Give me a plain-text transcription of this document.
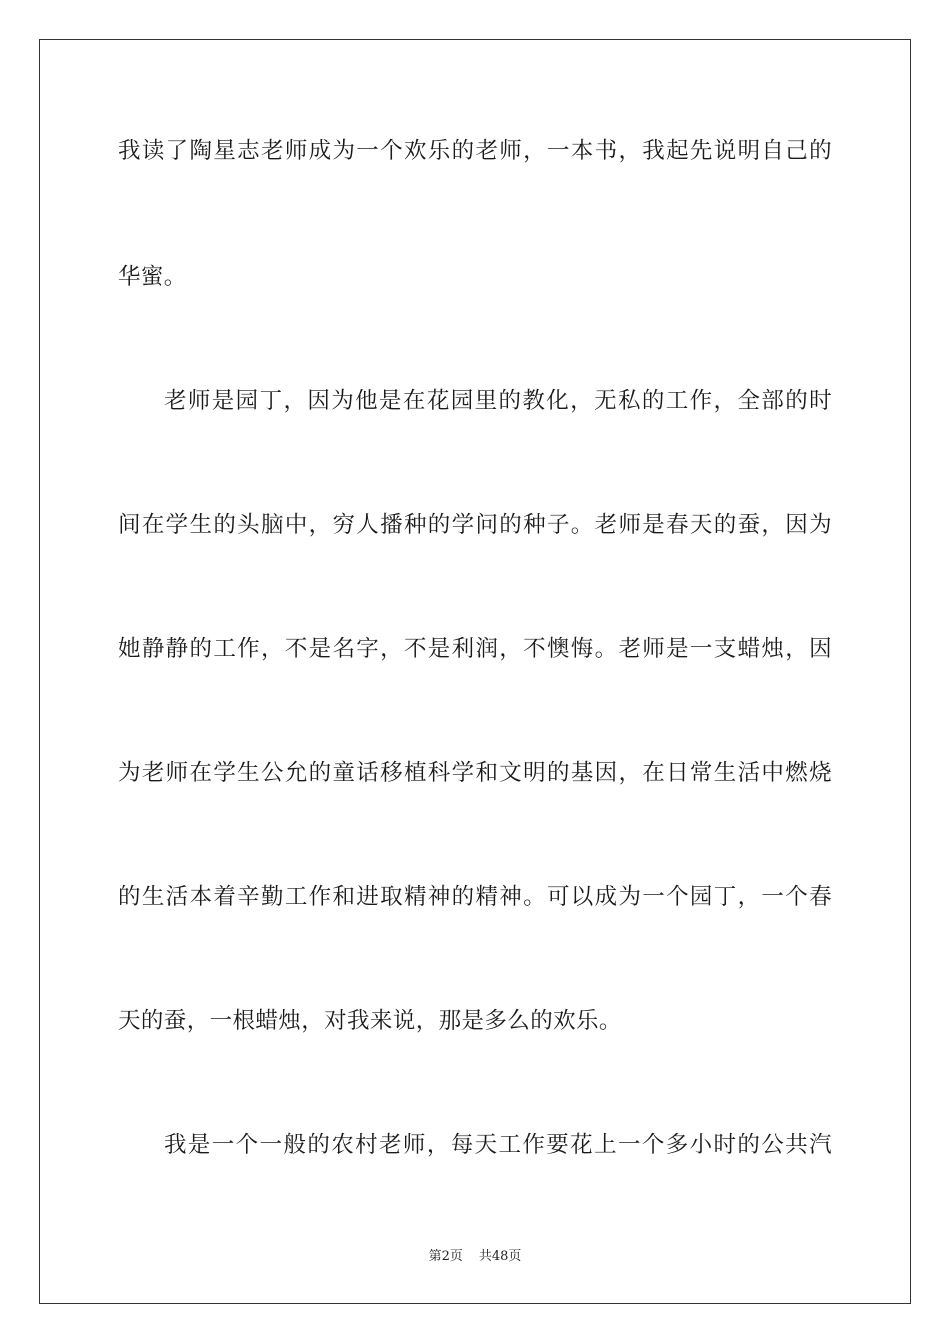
我读了陶星志老师成为一个欢乐的老师，一本书，我起先说明自己的
华蜜。
老师是园丁，因为他是在花园里的教化，无私的工作，全部的时
间在学生的头脑中，穷人播种的学问的种子。老师是春天的蚕，因为
她静静的工作，不是名字，不是利润，不懊悔。老师是一支蜡烛，因
为老师在学生公允的童话移植科学和文明的基因，在日常生活中燃烧
的生活本着辛勤工作和进取精神的精神。可以成为一个园丁，一个春
天的蚕，一根蜡烛，对我来说，那是多么的欢乐。
我是一个一般的农村老师，每天工作要花上一个多小时的公共汽
第2页 共48页
